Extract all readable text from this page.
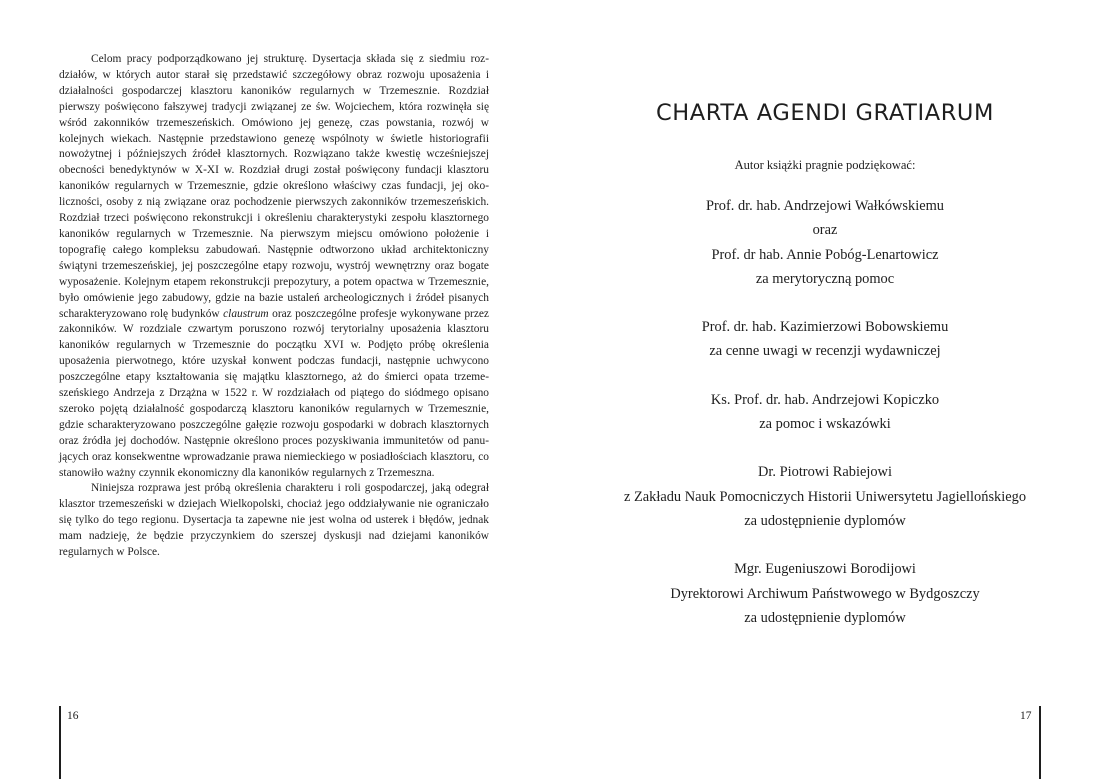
Celom pracy podporządkowano jej strukturę. Dysertacja składa się z siedmiu rozdziałów, w których autor starał się przedstawić szczegółowy obraz rozwoju uposażenia i działalności gospodarczej klasztoru kanoników regularnych w Trzemesznie. Rozdział pierwszy poświęcono fałszywej tradycji związanej ze św. Wojciechem, która rozwinęła się wśród zakonników trzemeszeńskich. Omówiono jej genezę, czas powstania, rozwój w kolejnych wiekach. Następnie przedstawiono genezę wspólnoty w świetle historiografii nowożytnej i późniejszych źródeł klasztornych. Rozwiązano także kwestię wcześniejszej obecności benedyktynów w X-XI w. Rozdział drugi został poświęcony fundacji klasztoru kanoników regularnych w Trzemesznie, gdzie określono właściwy czas fundacji, jej okoliczności, osoby z nią związane oraz pochodzenie pierwszych zakonników trzemeszeńskich. Rozdział trzeci poświęcono rekonstrukcji i określeniu charakterystyki zespołu klasztornego kanoników regularnych w Trzemesznie. Na pierwszym miejscu omówiono położenie i topografię całego kompleksu zabudowań. Następnie odtworzono układ architektoniczny świątyni trzemeszeńskiej, jej poszczególne etapy rozwoju, wystrój wewnętrzny oraz bogate wyposażenie. Kolejnym etapem rekonstrukcji prepozytury, a potem opactwa w Trzemesznie, było omówienie jego zabudowy, gdzie na bazie ustaleń archeologicznych i źródeł pisanych scharakteryzowano rolę budynków claustrum oraz poszczególne profesje wykonywane przez zakonników. W rozdziale czwartym poruszono rozwój terytorialny uposażenia klasztoru kanoników regularnych w Trzemesznie do początku XVI w. Podjęto próbę określenia uposażenia pierwotnego, które uzyskał konwent podczas fundacji, następnie uchwycono poszczególne etapy kształtowania się majątku klasztornego, aż do śmierci opata trzemeszeńskiego Andrzeja z Drzążna w 1522 r. W rozdziałach od piątego do siódmego opisano szeroko pojętą działalność gospodarczą klasztoru kanoników regularnych w Trzemesznie, gdzie scharakteryzowano poszczególne gałęzie rozwoju gospodarki w dobrach klasztornych oraz źródła jej dochodów. Następnie określono proces pozyskiwania immunitetów od panujących oraz konsekwentne wprowadzanie prawa niemieckiego w posiadłościach klasztoru, co stanowiło ważny czynnik ekonomiczny dla kanoników regularnych z Trzemeszna.

Niniejsza rozprawa jest próbą określenia charakteru i roli gospodarczej, jaką odegrał klasztor trzemeszeński w dziejach Wielkopolski, chociaż jego oddziaływanie nie ograniczało się tylko do tego regionu. Dysertacja ta zapewne nie jest wolna od usterek i błędów, jednak mam nadzieję, że będzie przyczynkiem do szerszej dyskusji nad dziejami kanoników regularnych w Polsce.

16
CHARTA AGENDI GRATIARUM
Autor książki pragnie podziękować:
Prof. dr. hab. Andrzejowi Wałkówskiemu
oraz
Prof. dr hab. Annie Pobóg-Lenartowicz
za merytoryczną pomoc
Prof. dr. hab. Kazimierzowi Bobowskiemu
za cenne uwagi w recenzji wydawniczej
Ks. Prof. dr. hab. Andrzejowi Kopiczko
za pomoc i wskazówki
Dr. Piotrowi Rabiejowi
z Zakładu Nauk Pomocniczych Historii Uniwersytetu Jagiellońskiego
za udostępnienie dyplomów
Mgr. Eugeniuszowi Borodijowi
Dyrektorowi Archiwum Państwowego w Bydgoszczy
za udostępnienie dyplomów
17
